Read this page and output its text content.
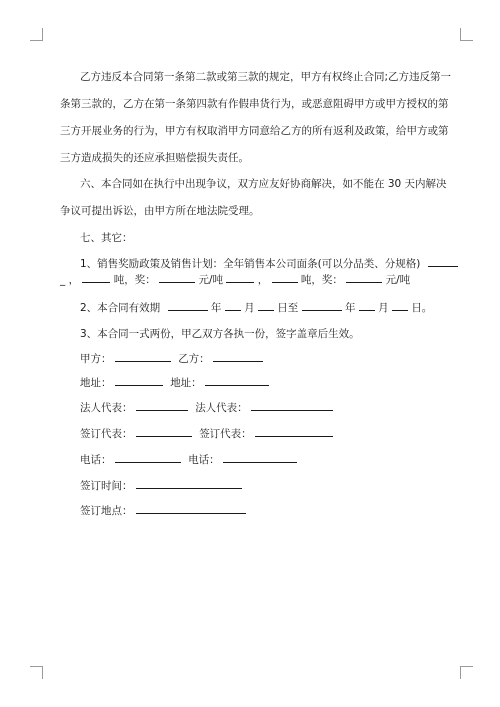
乙方违反本合同第一条第二款或第三款的规定，甲方有权终止合同;乙方违反第一
条第三款的，乙方在第一条第四款有作假串货行为，或恶意阻碍甲方或甲方授权的第
三方开展业务的行为，甲方有权取消甲方同意给乙方的所有返利及政策，给甲方或第
三方造成损失的还应承担赔偿损失责任。
六、本合同如在执行中出现争议，双方应友好协商解决，如不能在 30 天内解决
争议可提出诉讼，由甲方所在地法院受理。
七、其它：
1、销售奖励政策及销售计划：全年销售本公司面条(可以分品类、分规格)
_ ，	吨，奖：	元/吨	，	吨，奖：	元/吨
2、本合同有效期	年 月 日至	年 月 日。
3、本合同一式两份，甲乙双方各执一份，签字盖章后生效。
甲方：	乙方：
地址：	地址：
法人代表：	法人代表：
签订代表：	签订代表：
电话：	电话：
签订时间：
签订地点：
